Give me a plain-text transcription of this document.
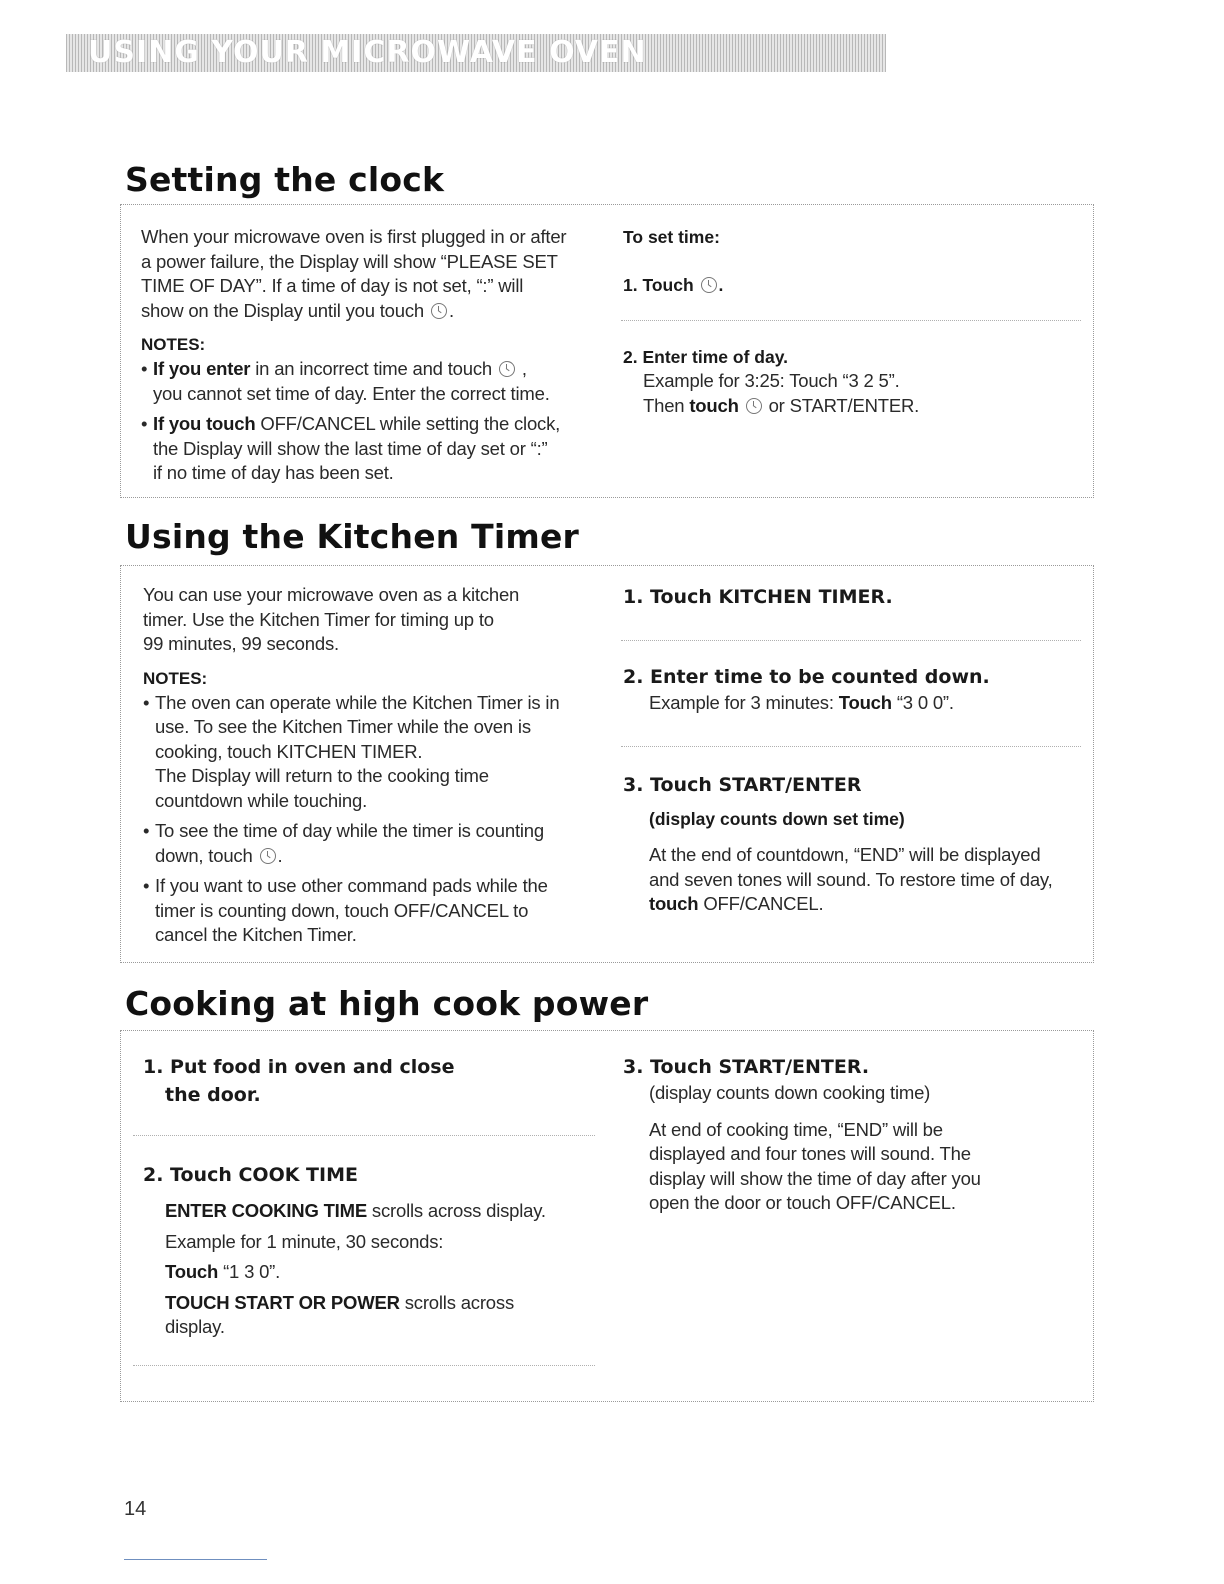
USING YOUR MICROWAVE OVEN
Setting the clock

When your microwave oven is first plugged in or after

a power failure, the Display will show “PLEASE SET

TIME OF DAY”. If a time of day is not set, “:” will

show on the Display until you touch .

NOTES:

• If you enter in an incorrect time and touch  ,
you cannot set time of day. Enter the correct time.
• If you touch OFF/CANCEL while setting the clock,
the Display will show the last time of day set or “:”
if no time of day has been set.

To set time:

1. Touch .

2. Enter time of day.

Example for 3:25: Touch “3 2 5”.

Then touch or START/ENTER.

Using the Kitchen Timer

You can use your microwave oven as a kitchen

timer. Use the Kitchen Timer for timing up to

99 minutes, 99 seconds.

NOTES:

• The oven can operate while the Kitchen Timer is in
use. To see the Kitchen Timer while the oven is
cooking, touch KITCHEN TIMER.
The Display will return to the cooking time
countdown while touching.
• To see the time of day while the timer is counting
down, touch .
• If you want to use other command pads while the
timer is counting down, touch OFF/CANCEL to
cancel the Kitchen Timer.

1. Touch KITCHEN TIMER.

2. Enter time to be counted down.

Example for 3 minutes: Touch “3 0 0”.

3. Touch START/ENTER

(display counts down set time)

At the end of countdown, “END” will be displayed

and seven tones will sound. To restore time of day,

touch OFF/CANCEL.

Cooking at high cook power

1. Put food in oven and close

the door.

2. Touch COOK TIME

ENTER COOKING TIME scrolls across display.

Example for 1 minute, 30 seconds:

Touch “1 3 0”.

TOUCH START OR POWER scrolls across

display.

3. Touch START/ENTER.

(display counts down cooking time)

At end of cooking time, “END” will be

displayed and four tones will sound. The

display will show the time of day after you

open the door or touch OFF/CANCEL.

14
